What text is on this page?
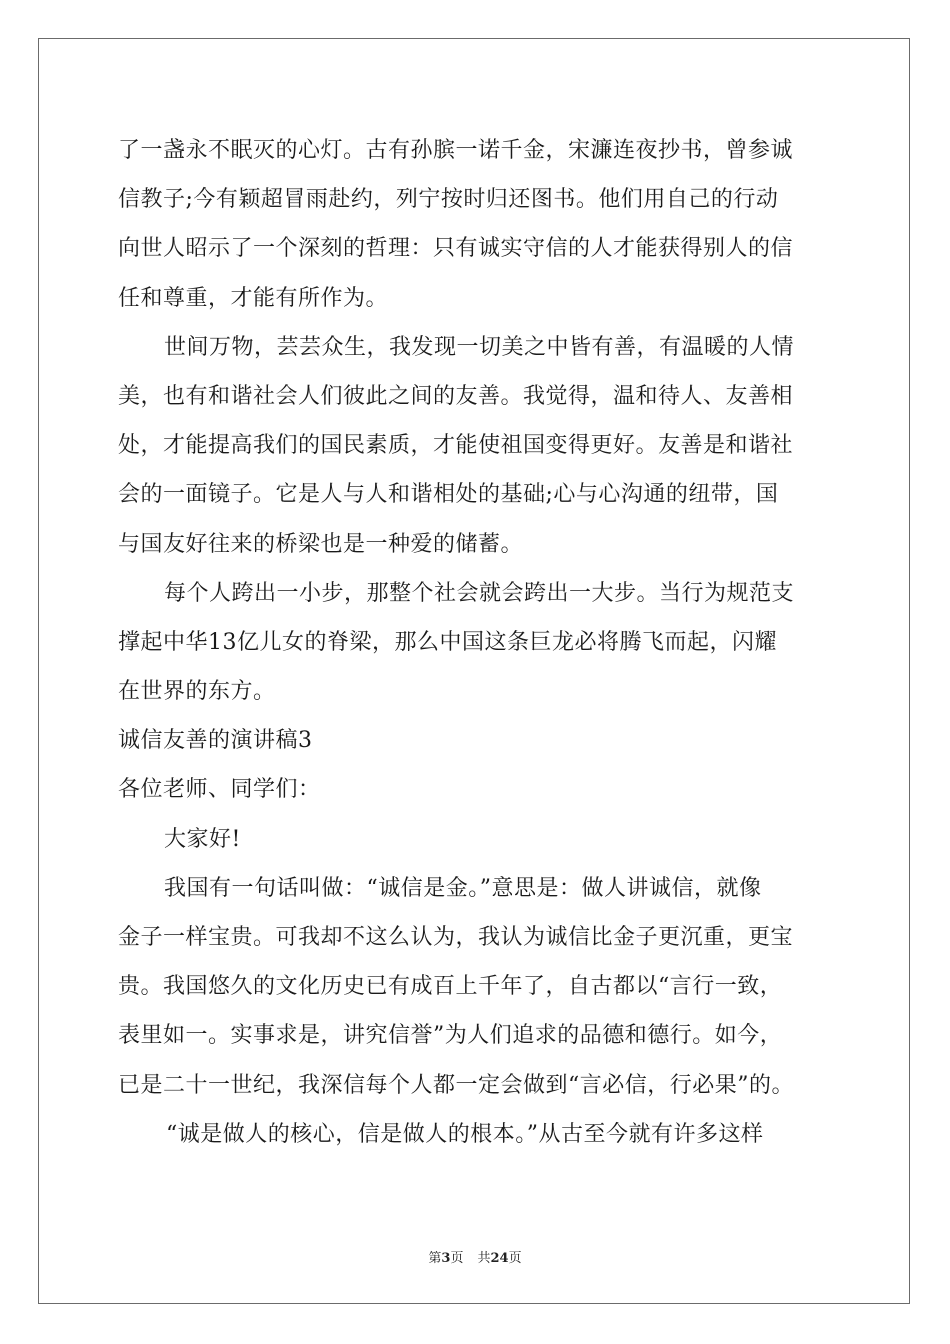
了一盏永不眠灭的心灯。古有孙膑一诺千金，宋濂连夜抄书，曾参诚
信教子;今有颖超冒雨赴约，列宁按时归还图书。他们用自己的行动
向世人昭示了一个深刻的哲理：只有诚实守信的人才能获得别人的信
任和尊重，才能有所作为。
世间万物，芸芸众生，我发现一切美之中皆有善，有温暖的人情
美，也有和谐社会人们彼此之间的友善。我觉得，温和待人、友善相
处，才能提高我们的国民素质，才能使祖国变得更好。友善是和谐社
会的一面镜子。它是人与人和谐相处的基础;心与心沟通的纽带，国
与国友好往来的桥梁也是一种爱的储蓄。
每个人跨出一小步，那整个社会就会跨出一大步。当行为规范支
撑起中华13亿儿女的脊梁，那么中国这条巨龙必将腾飞而起，闪耀
在世界的东方。
诚信友善的演讲稿3
各位老师、同学们：
大家好!
我国有一句话叫做：“诚信是金。”意思是：做人讲诚信，就像
金子一样宝贵。可我却不这么认为，我认为诚信比金子更沉重，更宝
贵。我国悠久的文化历史已有成百上千年了，自古都以“言行一致，
表里如一。实事求是，讲究信誉”为人们追求的品德和德行。如今，
已是二十一世纪，我深信每个人都一定会做到“言必信，行必果”的。
“诚是做人的核心，信是做人的根本。”从古至今就有许多这样
第3页 共24页
